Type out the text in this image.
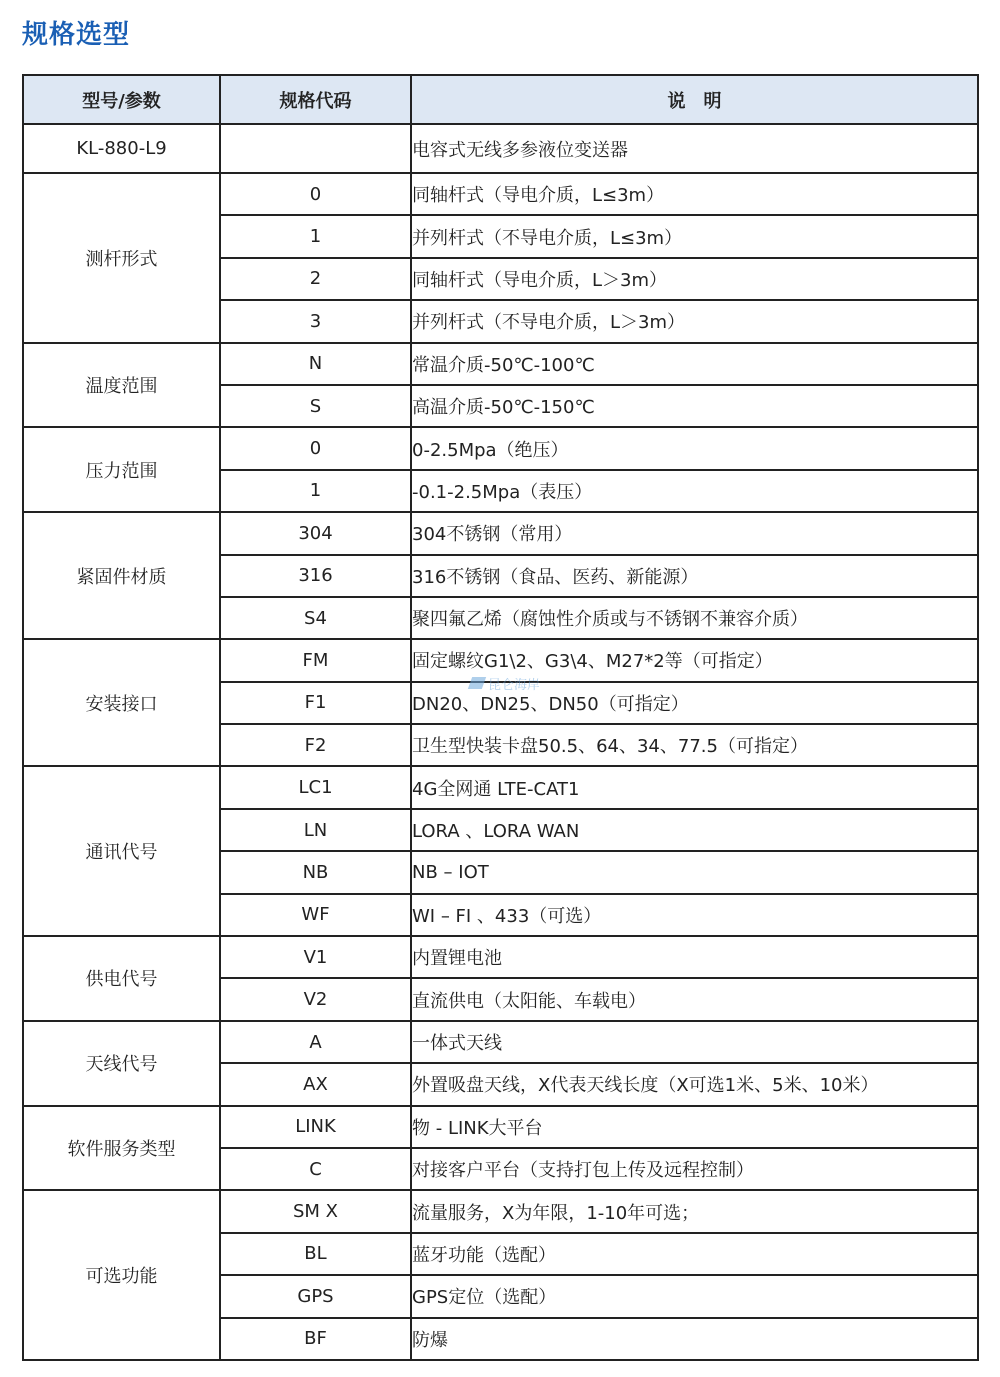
规格选型
型号/参数	规格代码	说　明
KL-880-L9		电容式无线多参液位变送器
测杆形式	0	同轴杆式（导电介质，L≤3m）
	1	并列杆式（不导电介质，L≤3m）
	2	同轴杆式（导电介质，L＞3m）
	3	并列杆式（不导电介质，L＞3m）
温度范围	N	常温介质-50℃-100℃
	S	高温介质-50℃-150℃
压力范围	0	0-2.5Mpa（绝压）
	1	-0.1-2.5Mpa（表压）
紧固件材质	304	304不锈钢（常用）
	316	316不锈钢（食品、医药、新能源）
	S4	聚四氟乙烯（腐蚀性介质或与不锈钢不兼容介质）
安装接口	FM	固定螺纹G1\2、G3\4、M27*2等（可指定）
	F1	DN20、DN25、DN50（可指定）
	F2	卫生型快装卡盘50.5、64、34、77.5（可指定）
通讯代号	LC1	4G全网通 LTE-CAT1
	LN	LORA 、LORA WAN
	NB	NB – IOT
	WF	WI – FI 、433（可选）
供电代号	V1	内置锂电池
	V2	直流供电（太阳能、车载电）
天线代号	A	一体式天线
	AX	外置吸盘天线，X代表天线长度（X可选1米、5米、10米）
软件服务类型	LINK	物 - LINK大平台
	C	对接客户平台（支持打包上传及远程控制）
可选功能	SM X	流量服务，X为年限，1-10年可选；
	BL	蓝牙功能（选配）
	GPS	GPS定位（选配）
	BF	防爆
昆仑海岸
